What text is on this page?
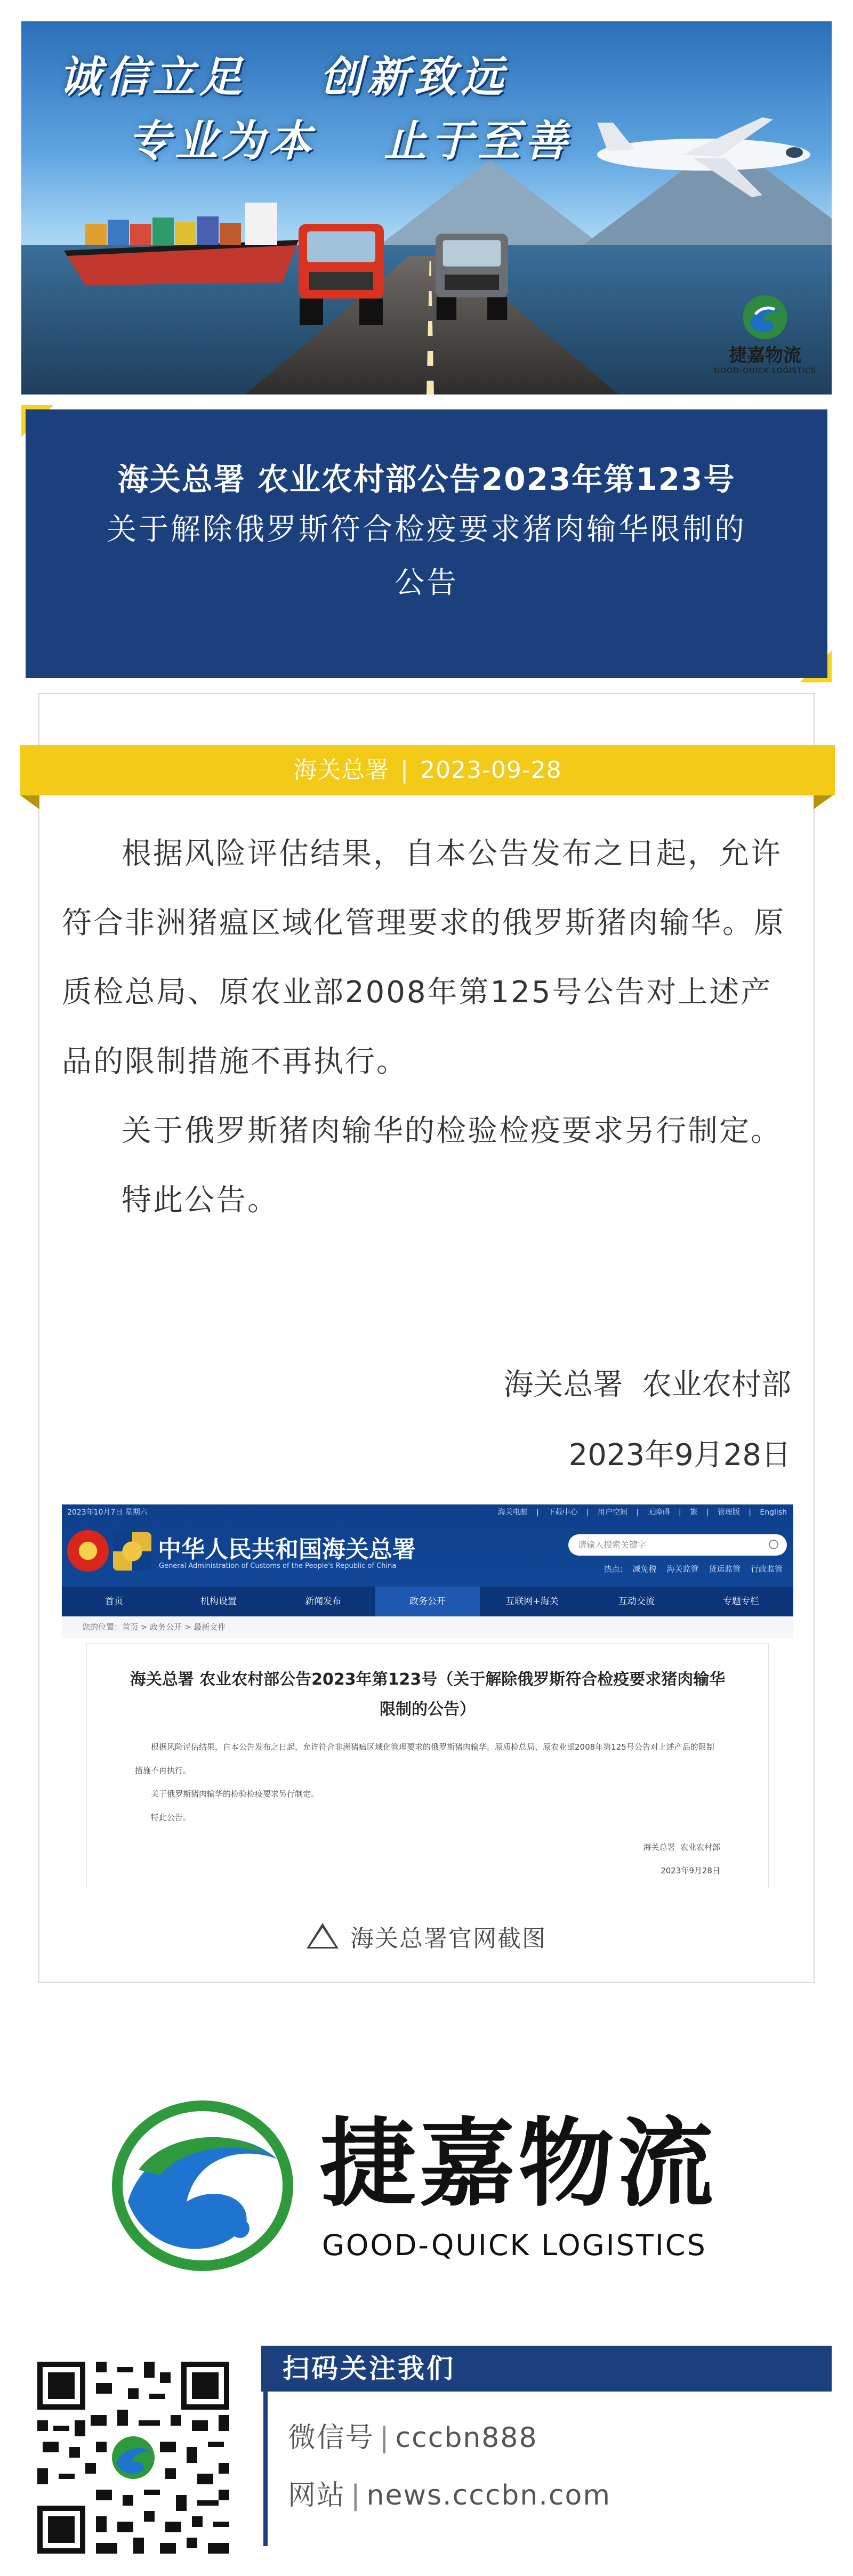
诚信立足 创新致远
专业为本 止于至善
捷嘉物流
GOOD-QUICK LOGISTICS
海关总署 农业农村部公告2023年第123号
关于解除俄罗斯符合检疫要求猪肉输华限制的
公告
海关总署 | 2023-09-28

根据风险评估结果，自本公告发布之日起，允许符合非洲猪瘟区域化管理要求的俄罗斯猪肉输华。原质检总局、原农业部2008年第125号公告对上述产品的限制措施不再执行。

关于俄罗斯猪肉输华的检验检疫要求另行制定。

特此公告。

海关总署  农业农村部
2023年9月28日
2023年10月7日 星期六	海关电邮 | 下载中心 | 用户空间 | 无障碍 | 繁 | 管理版 | English
中华人民共和国海关总署
General Administration of Customs of the People's Republic of China
请输入搜索关键字
热点: 减免税 海关监管 货运监管 行政监管
首页	机构设置	新闻发布	政务公开	互联网+海关	互动交流	专题专栏
您的位置：首页 > 政务公开 > 最新文件
海关总署 农业农村部公告2023年第123号（关于解除俄罗斯符合检疫要求猪肉输华限制的公告）

根据风险评估结果，自本公告发布之日起，允许符合非洲猪瘟区域化管理要求的俄罗斯猪肉输华。原质检总局、原农业部2008年第125号公告对上述产品的限制措施不再执行。

关于俄罗斯猪肉输华的检验检疫要求另行制定。

特此公告。

海关总署  农业农村部
2023年9月28日
海关总署官网截图
捷嘉物流
GOOD-QUICK LOGISTICS
扫码关注我们
微信号 | cccbn888
网站 | news.cccbn.com
